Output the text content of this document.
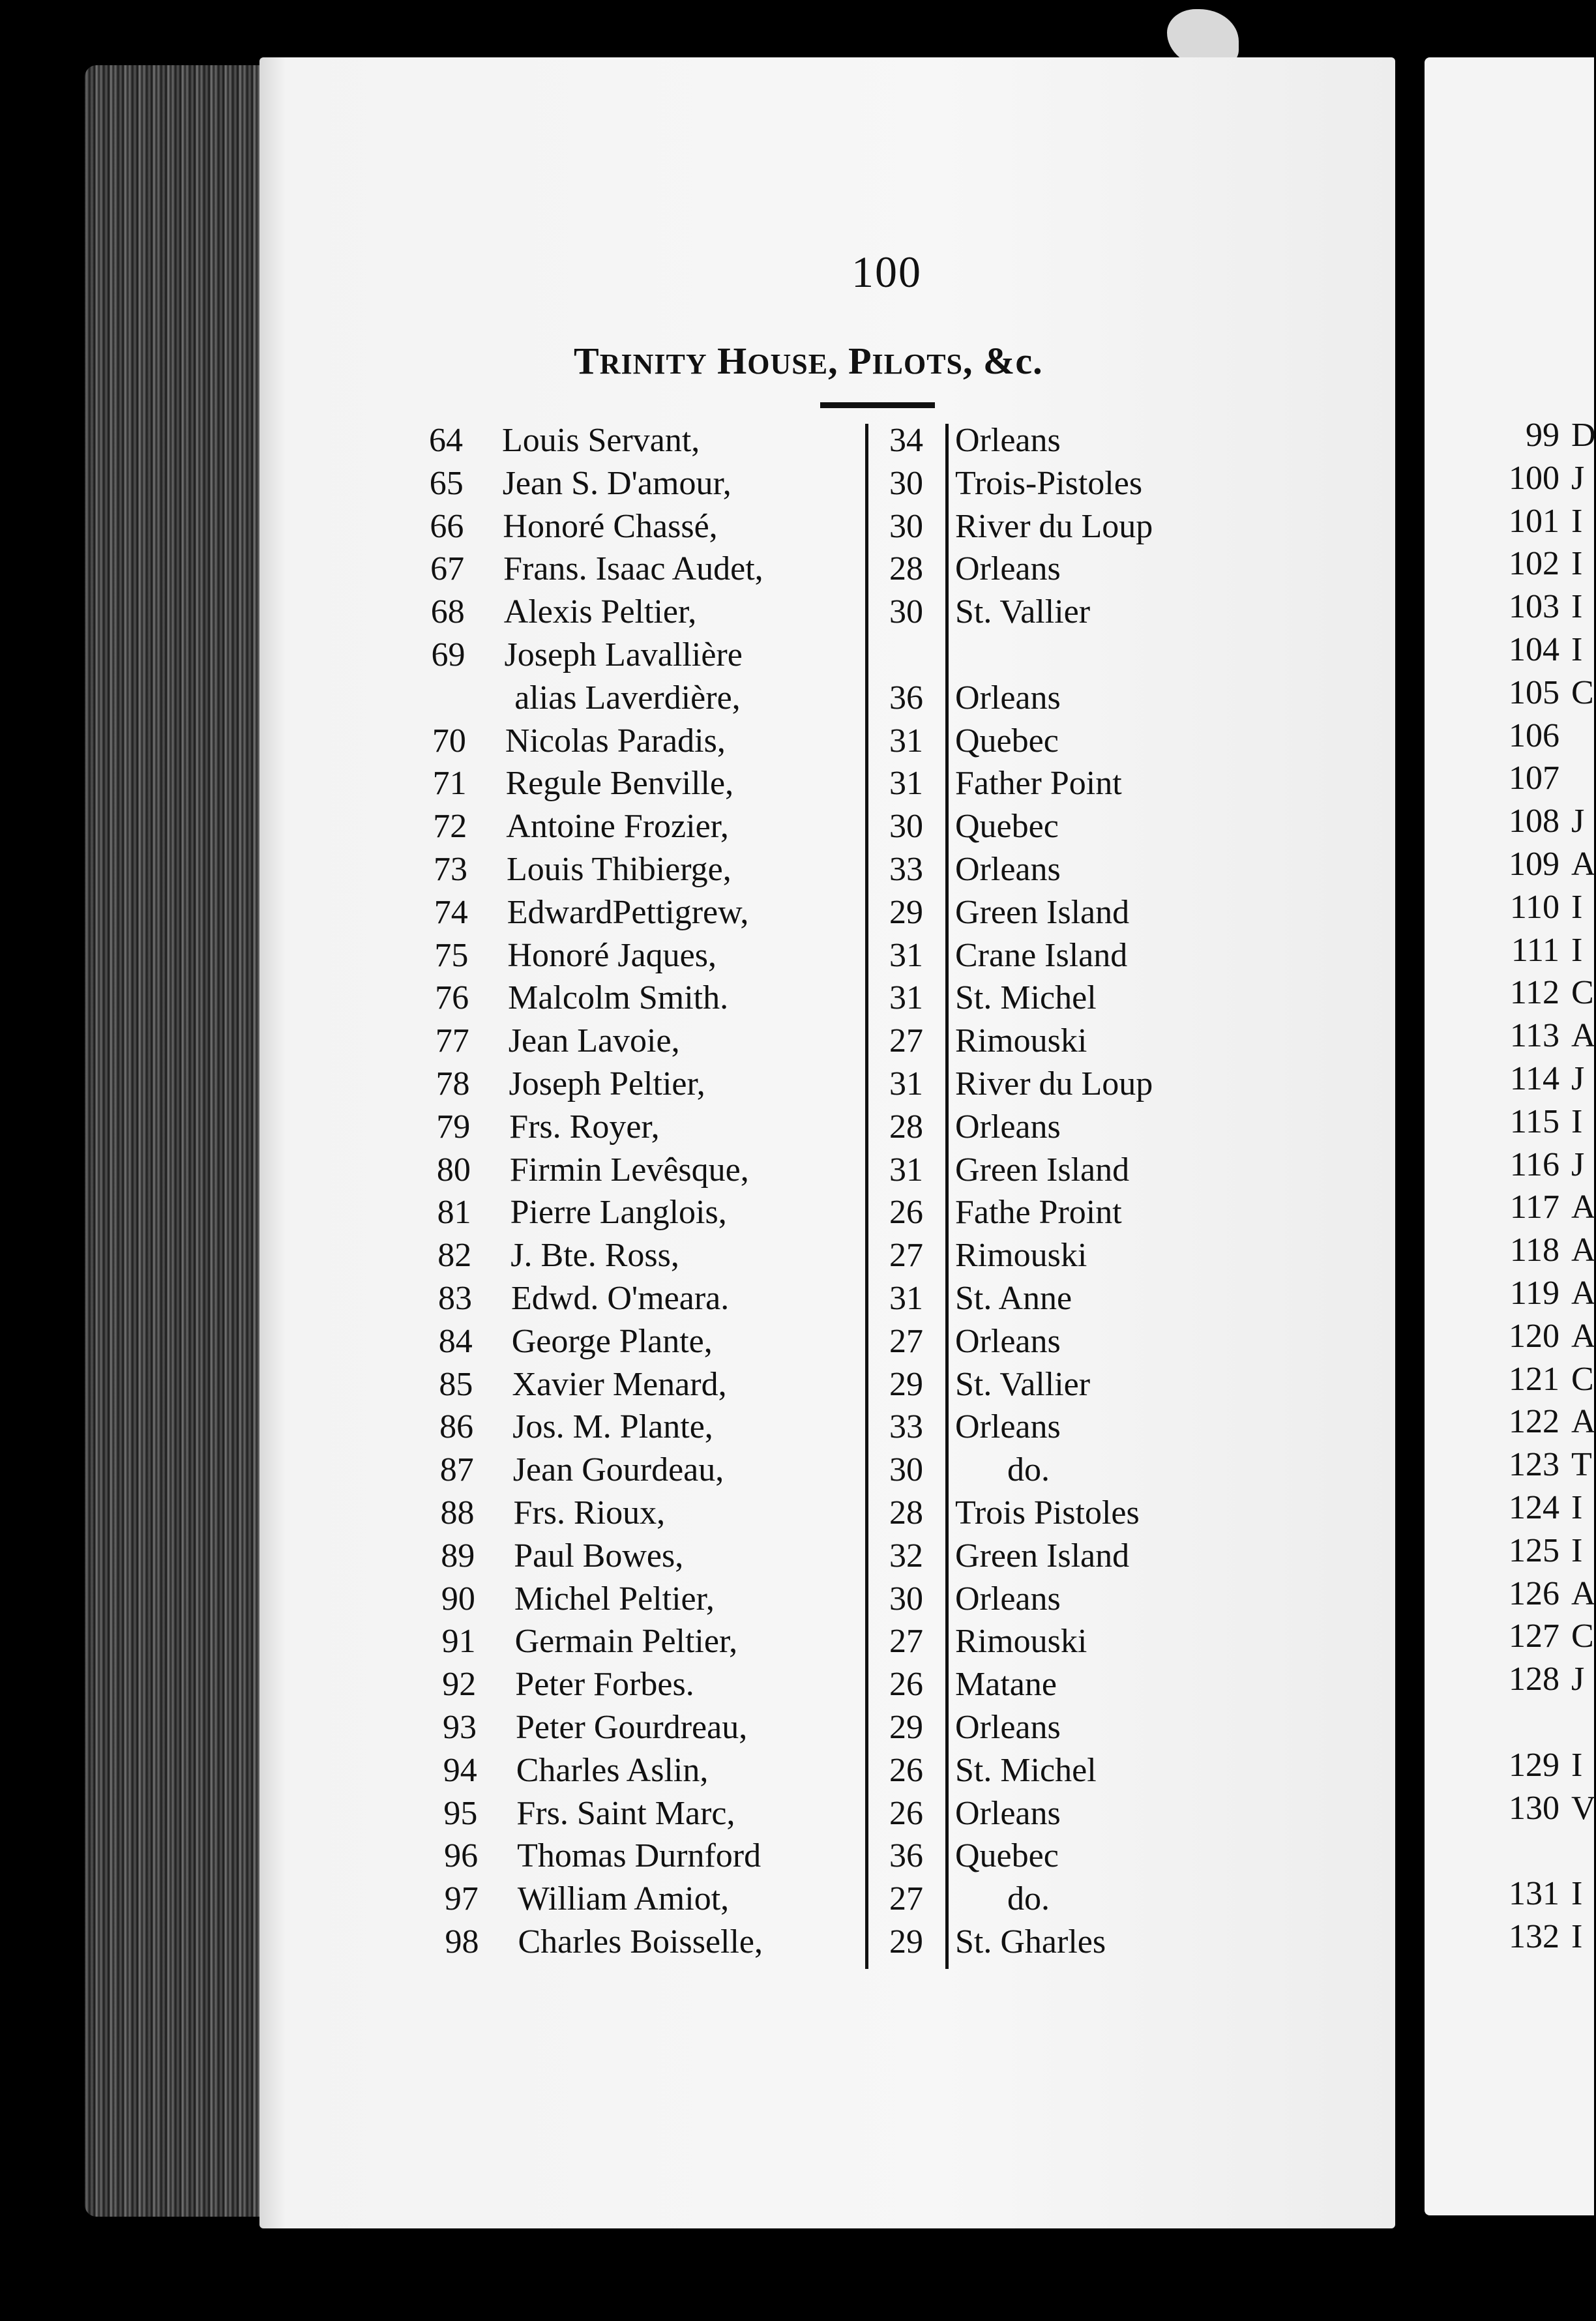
100
TRINITY HOUSE, PILOTS, &c.
64 Louis Servant,	34 Orleans
65 Jean S. D'amour,	30 Trois-Pistoles
66 Honoré Chassé,	30 River du Loup
67 Frans. Isaac Audet,	28 Orleans
68 Alexis Peltier,	30 St. Vallier
69 Joseph Lavallière
alias Laverdière,	36 Orleans
70 Nicolas Paradis,	31 Quebec
71 Regule Benville,	31 Father Point
72 Antoine Frozier,	30 Quebec
73 Louis Thibierge,	33 Orleans
74 EdwardPettigrew,	29 Green Island
75 Honoré Jaques,	31 Crane Island
76 Malcolm Smith.	31 St. Michel
77 Jean Lavoie,	27 Rimouski
78 Joseph Peltier,	31 River du Loup
79 Frs. Royer,	28 Orleans
80 Firmin Levêsque,	31 Green Island
81 Pierre Langlois,	26 Fathe Proint
82 J. Bte. Ross,	27 Rimouski
83 Edwd. O'meara.	31 St. Anne
84 George Plante,	27 Orleans
85 Xavier Menard,	29 St. Vallier
86 Jos. M. Plante,	33 Orleans
87 Jean Gourdeau,	30	do.
88 Frs. Rioux,	28 Trois Pistoles
89 Paul Bowes,	32 Green Island
90 Michel Peltier,	30 Orleans
91 Germain Peltier,	27 Rimouski
92 Peter Forbes.	26 Matane
93 Peter Gourdreau,	29 Orleans
94 Charles Aslin,	26 St. Michel
95 Frs. Saint Marc,	26 Orleans
96 Thomas Durnford	36 Quebec
97 William Amiot,	27	do.
98 Charles Boisselle,	29 St. Gharles
99 D
100 J
101 I
102 I
103 I
104 I
105 C
106
107
108 J
109 A
110 I
111 I
112 C
113 A
114 J
115 I
116 J
117 A
118 A
119 A
120 A
121 C
122 A
123 T
124 I
125 I
126 A
127 C
128 J
129 I
130 V
131 I
132 I
